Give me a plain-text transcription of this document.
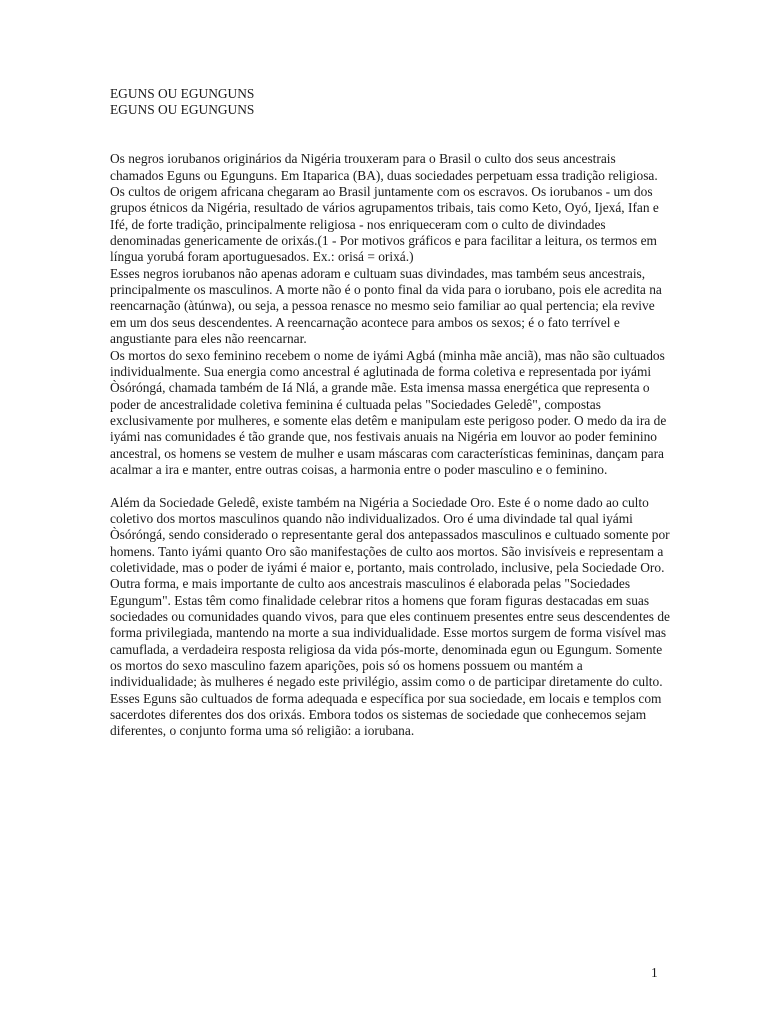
EGUNS OU EGUNGUNS
EGUNS OU EGUNGUNS

Os negros iorubanos originários da Nigéria trouxeram para o Brasil o culto dos seus ancestrais chamados Eguns ou Egunguns. Em Itaparica (BA), duas sociedades perpetuam essa tradição religiosa.

Os cultos de origem africana chegaram ao Brasil juntamente com os escravos. Os iorubanos - um dos grupos étnicos da Nigéria, resultado de vários agrupamentos tribais, tais como Keto, Oyó, Ijexá, Ifan e Ifé, de forte tradição, principalmente religiosa - nos enriqueceram com o culto de divindades denominadas genericamente de orixás.(1 - Por motivos gráficos e para facilitar a leitura, os termos em língua yorubá foram aportuguesados. Ex.: orisá = orixá.)

Esses negros iorubanos não apenas adoram e cultuam suas divindades, mas também seus ancestrais, principalmente os masculinos. A morte não é o ponto final da vida para o iorubano, pois ele acredita na reencarnação (àtúnwa), ou seja, a pessoa renasce no mesmo seio familiar ao qual pertencia; ela revive em um dos seus descendentes. A reencarnação acontece para ambos os sexos; é o fato terrível e angustiante para eles não reencarnar.

Os mortos do sexo feminino recebem o nome de iyámi Agbá (minha mãe anciã), mas não são cultuados individualmente. Sua energia como ancestral é aglutinada de forma coletiva e representada por iyámi Òsóróngá, chamada também de Iá Nlá, a grande mãe. Esta imensa massa energética que representa o poder de ancestralidade coletiva feminina é cultuada pelas "Sociedades Geledê", compostas exclusivamente por mulheres, e somente elas detêm e manipulam este perigoso poder. O medo da ira de iyámi nas comunidades é tão grande que, nos festivais anuais na Nigéria em louvor ao poder feminino ancestral, os homens se vestem de mulher e usam máscaras com características femininas, dançam para acalmar a ira e manter, entre outras coisas, a harmonia entre o poder masculino e o feminino.

Além da Sociedade Geledê, existe também na Nigéria a Sociedade Oro. Este é o nome dado ao culto coletivo dos mortos masculinos quando não individualizados. Oro é uma divindade tal qual iyámi Òsóróngá, sendo considerado o representante geral dos antepassados masculinos e cultuado somente por homens. Tanto iyámi quanto Oro são manifestações de culto aos mortos. São invisíveis e representam a coletividade, mas o poder de iyámi é maior e, portanto, mais controlado, inclusive, pela Sociedade Oro.

Outra forma, e mais importante de culto aos ancestrais masculinos é elaborada pelas "Sociedades Egungum". Estas têm como finalidade celebrar ritos a homens que foram figuras destacadas em suas sociedades ou comunidades quando vivos, para que eles continuem presentes entre seus descendentes de forma privilegiada, mantendo na morte a sua individualidade. Esse mortos surgem de forma visível mas camuflada, a verdadeira resposta religiosa da vida pós-morte, denominada egun ou Egungum. Somente os mortos do sexo masculino fazem aparições, pois só os homens possuem ou mantém a individualidade; às mulheres é negado este privilégio, assim como o de participar diretamente do culto.

Esses Eguns são cultuados de forma adequada e específica por sua sociedade, em locais e templos com sacerdotes diferentes dos dos orixás. Embora todos os sistemas de sociedade que conhecemos sejam diferentes, o conjunto forma uma só religião: a iorubana.

1
